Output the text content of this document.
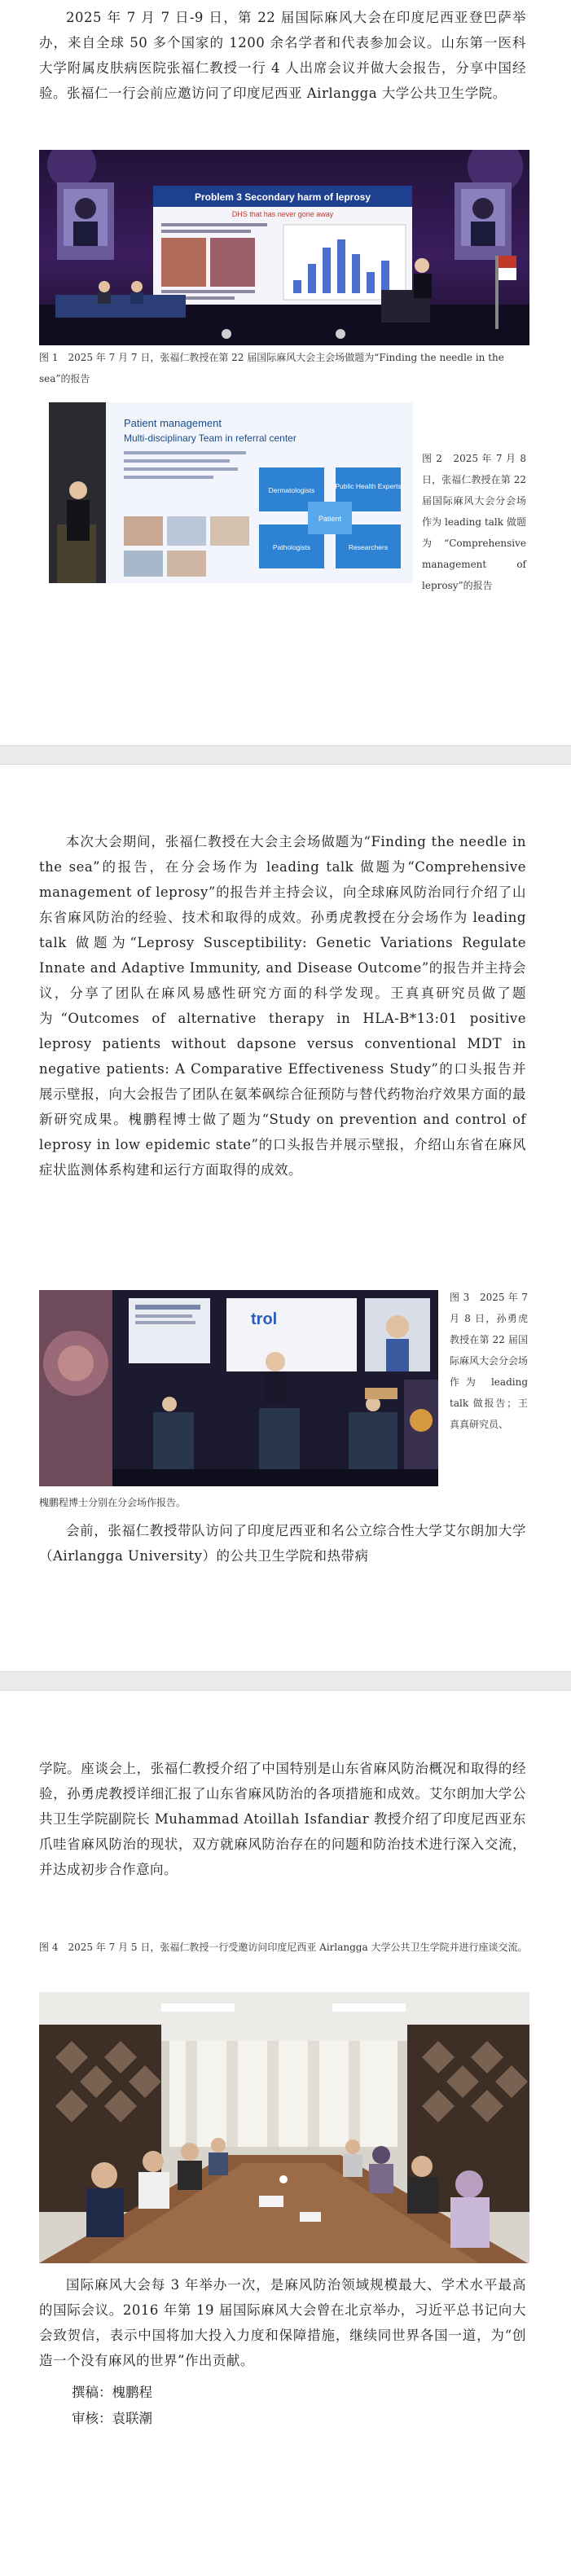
2025 年 7 月 7 日-9 日，第 22 届国际麻风大会在印度尼西亚登巴萨举办，来自全球 50 多个国家的 1200 余名学者和代表参加会议。山东第一医科大学附属皮肤病医院张福仁教授一行 4 人出席会议并做大会报告，分享中国经验。张福仁一行会前应邀访问了印度尼西亚 Airlangga 大学公共卫生学院。

Problem 3 Secondary harm of leprosy
DHS that has never gone away

图 1　2025 年 7 月 7 日，张福仁教授在第 22 届国际麻风大会主会场做题为“Finding the needle in the sea”的报告

Patient management
Multi-disciplinary Team in referral center
Dermatologists	Public Health Experts
Pathologists	Researchers
Patient

图 2　2025 年 7 月 8 日，张福仁教授在第 22 届国际麻风大会分会场作为 leading talk 做题为“Comprehensive management of leprosy”的报告

本次大会期间，张福仁教授在大会主会场做题为“Finding the needle in the sea”的报告，在分会场作为 leading talk 做题为“Comprehensive management of leprosy”的报告并主持会议，向全球麻风防治同行介绍了山东省麻风防治的经验、技术和取得的成效。孙勇虎教授在分会场作为 leading talk 做题为“Leprosy Susceptibility: Genetic Variations Regulate Innate and Adaptive Immunity, and Disease Outcome”的报告并主持会议，分享了团队在麻风易感性研究方面的科学发现。王真真研究员做了题为“Outcomes of alternative therapy in HLA-B*13:01 positive leprosy patients without dapsone versus conventional MDT in negative patients: A Comparative Effectiveness Study”的口头报告并展示壁报，向大会报告了团队在氨苯砜综合征预防与替代药物治疗效果方面的最新研究成果。槐鹏程博士做了题为“Study on prevention and control of leprosy in low epidemic state”的口头报告并展示壁报，介绍山东省在麻风症状监测体系构建和运行方面取得的成效。

trol

图 3　2025 年 7 月 8 日，孙勇虎教授在第 22 届国际麻风大会分会场作为 leading talk 做报告；王真真研究员、

槐鹏程博士分别在分会场作报告。

会前，张福仁教授带队访问了印度尼西亚和名公立综合性大学艾尔朗加大学（Airlangga University）的公共卫生学院和热带病

学院。座谈会上，张福仁教授介绍了中国特别是山东省麻风防治概况和取得的经验，孙勇虎教授详细汇报了山东省麻风防治的各项措施和成效。艾尔朗加大学公共卫生学院副院长 Muhammad Atoillah Isfandiar 教授介绍了印度尼西亚东爪哇省麻风防治的现状，双方就麻风防治存在的问题和防治技术进行深入交流，并达成初步合作意向。

图 4　2025 年 7 月 5 日，张福仁教授一行受邀访问印度尼西亚 Airlangga 大学公共卫生学院并进行座谈交流。

国际麻风大会每 3 年举办一次，是麻风防治领域规模最大、学术水平最高的国际会议。2016 年第 19 届国际麻风大会曾在北京举办，习近平总书记向大会致贺信，表示中国将加大投入力度和保障措施，继续同世界各国一道，为“创造一个没有麻风的世界”作出贡献。

撰稿：槐鹏程

审核：袁联潮
